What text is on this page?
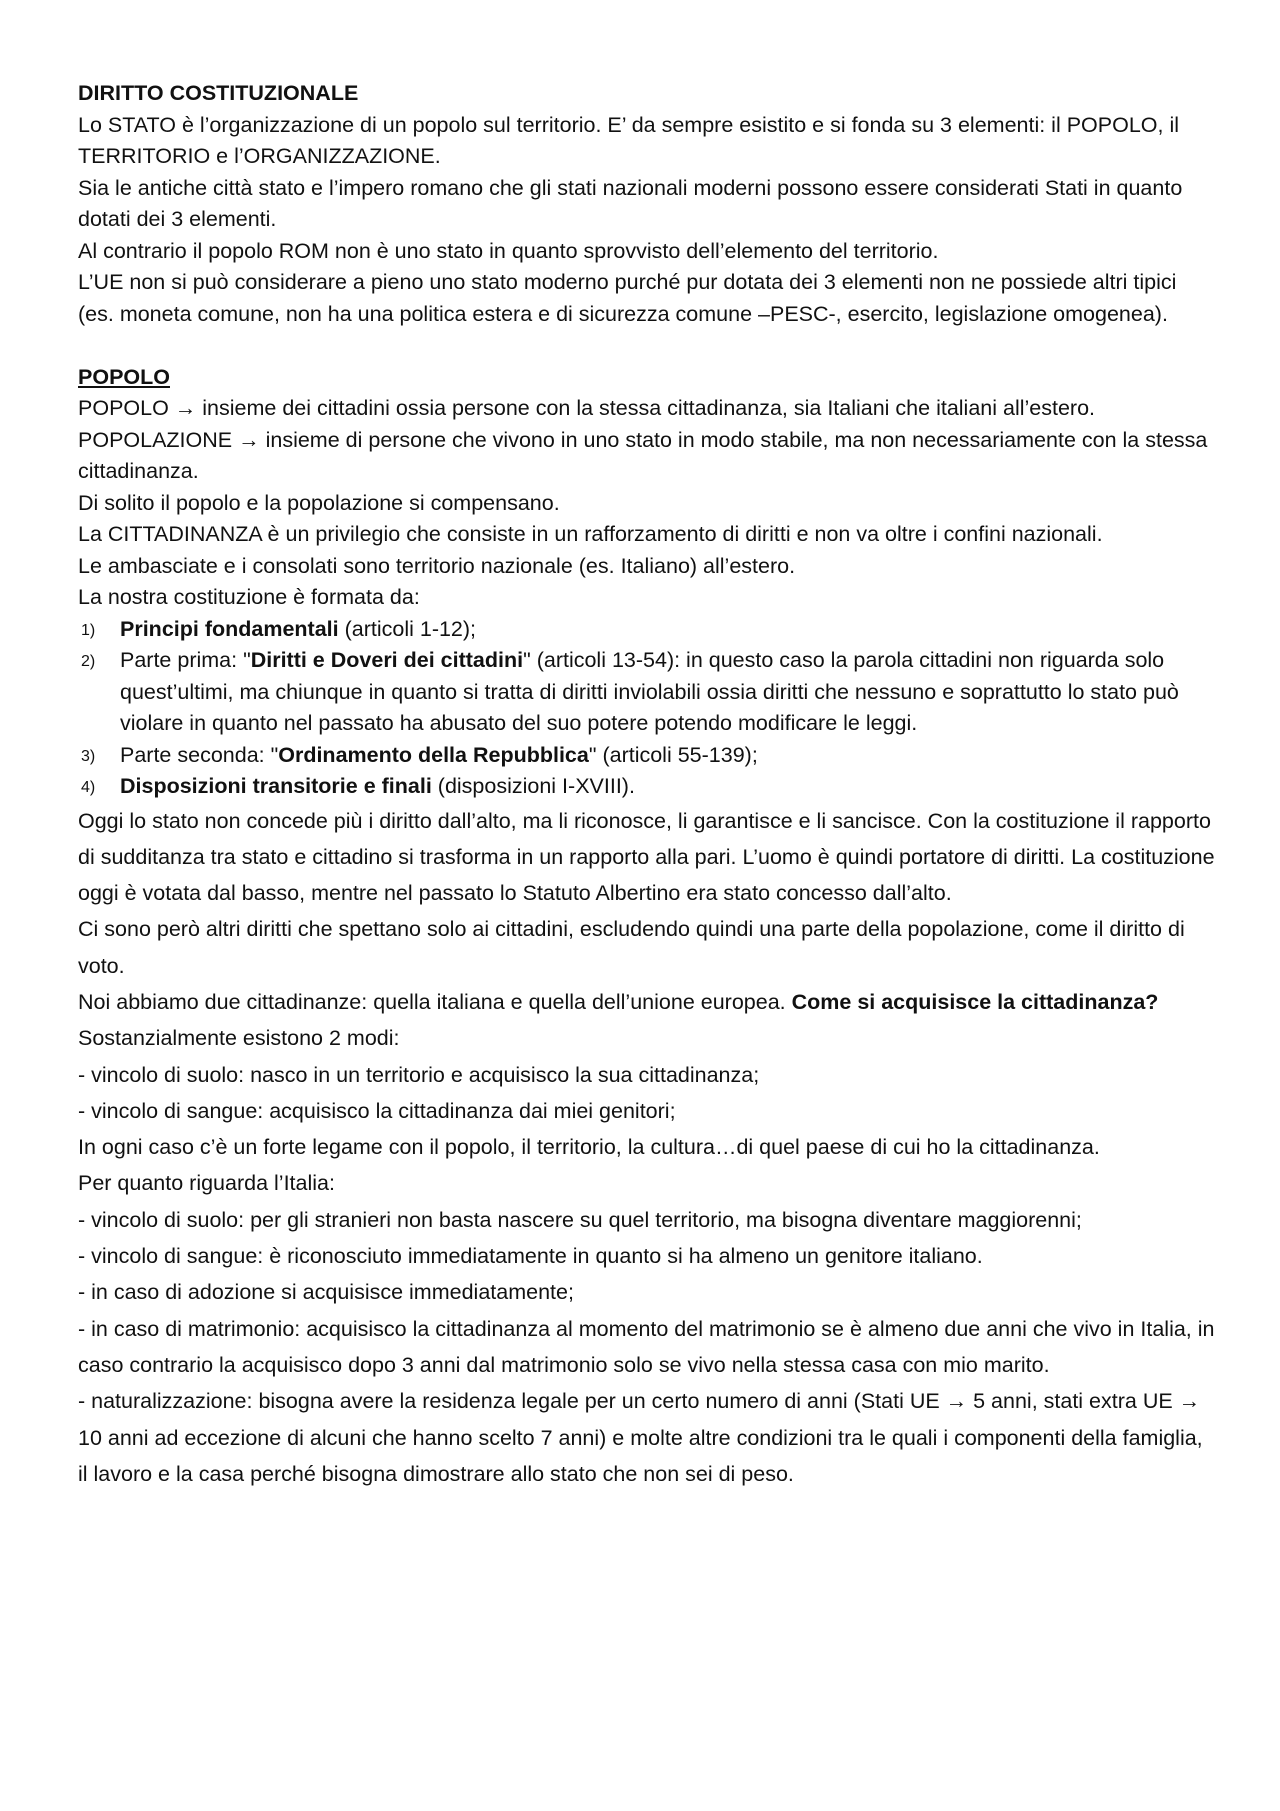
DIRITTO COSTITUZIONALE

Lo STATO è l’organizzazione di un popolo sul territorio. E’ da sempre esistito e si fonda su 3 elementi: il POPOLO, il TERRITORIO e l’ORGANIZZAZIONE.

Sia le antiche città stato e l’impero romano che gli stati nazionali moderni possono essere considerati Stati in quanto dotati dei 3 elementi.

Al contrario il popolo ROM non è uno stato in quanto sprovvisto dell’elemento del territorio.

L’UE non si può considerare a pieno uno stato moderno purché pur dotata dei 3 elementi non ne possiede altri tipici (es. moneta comune, non ha una politica estera e di sicurezza comune –PESC-, esercito, legislazione omogenea).

POPOLO

POPOLO → insieme dei cittadini ossia persone con la stessa cittadinanza, sia Italiani che italiani all’estero.

POPOLAZIONE → insieme di persone che vivono in uno stato in modo stabile, ma non necessariamente con la stessa cittadinanza.

Di solito il popolo e la popolazione si compensano.

La CITTADINANZA è un privilegio che consiste in un rafforzamento di diritti e non va oltre i confini nazionali.

Le ambasciate e i consolati sono territorio nazionale (es. Italiano) all’estero.

La nostra costituzione è formata da:

1) Principi fondamentali (articoli 1-12);
2) Parte prima: "Diritti e Doveri dei cittadini" (articoli 13-54): in questo caso la parola cittadini non riguarda solo quest’ultimi, ma chiunque in quanto si tratta di diritti inviolabili ossia diritti che nessuno e soprattutto lo stato può violare in quanto nel passato ha abusato del suo potere potendo modificare le leggi.
3) Parte seconda: "Ordinamento della Repubblica" (articoli 55-139);
4) Disposizioni transitorie e finali (disposizioni I-XVIII).

Oggi lo stato non concede più i diritto dall’alto, ma li riconosce, li garantisce e li sancisce. Con la costituzione il rapporto di sudditanza tra stato e cittadino si trasforma in un rapporto alla pari. L’uomo è quindi portatore di diritti. La costituzione oggi è votata dal basso, mentre nel passato lo Statuto Albertino era stato concesso dall’alto.

Ci sono però altri diritti che spettano solo ai cittadini, escludendo quindi una parte della popolazione, come il diritto di voto.

Noi abbiamo due cittadinanze: quella italiana e quella dell’unione europea. Come si acquisisce la cittadinanza?

Sostanzialmente esistono 2 modi:

- vincolo di suolo: nasco in un territorio e acquisisco la sua cittadinanza;

- vincolo di sangue: acquisisco la cittadinanza dai miei genitori;

In ogni caso c’è un forte legame con il popolo, il territorio, la cultura…di quel paese di cui ho la cittadinanza.

Per quanto riguarda l’Italia:

- vincolo di suolo: per gli stranieri non basta nascere su quel territorio, ma bisogna diventare maggiorenni;

- vincolo di sangue: è riconosciuto immediatamente in quanto si ha almeno un genitore italiano.

- in caso di adozione si acquisisce immediatamente;

- in caso di matrimonio: acquisisco la cittadinanza al momento del matrimonio se è almeno due anni che vivo in Italia, in caso contrario la acquisisco dopo 3 anni dal matrimonio solo se vivo nella stessa casa con mio marito.

- naturalizzazione: bisogna avere la residenza legale per un certo numero di anni (Stati UE → 5 anni, stati extra UE → 10 anni ad eccezione di alcuni che hanno scelto 7 anni) e molte altre condizioni tra le quali i componenti della famiglia, il lavoro e la casa perché bisogna dimostrare allo stato che non sei di peso.
